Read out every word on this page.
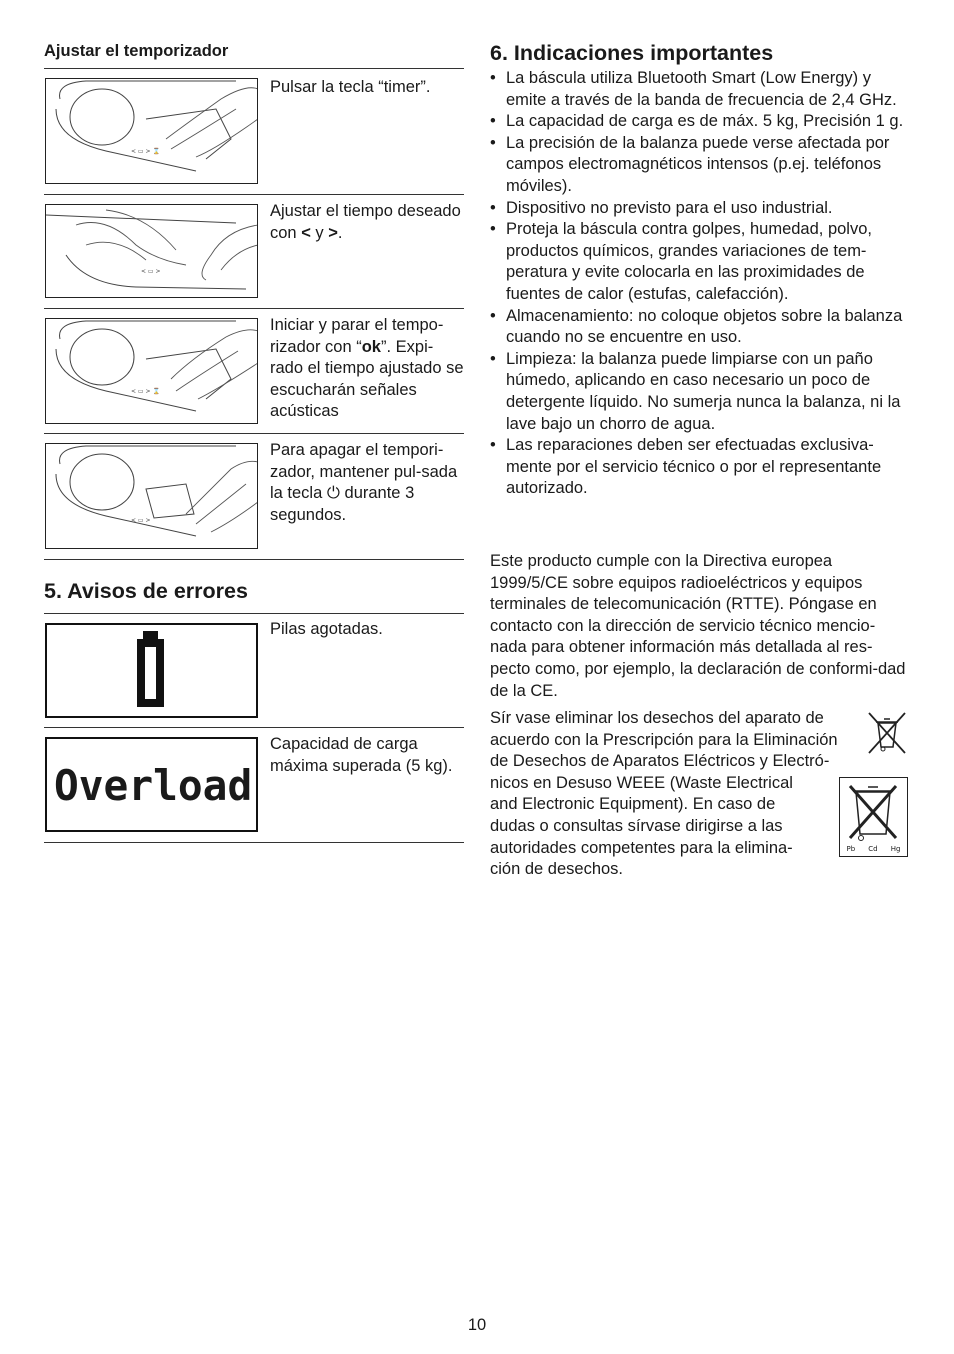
Ajustar el temporizador
< ▭ > ⌛
Pulsar la tecla “timer”.
< ▭ >
Ajustar el tiempo deseado con < y >.
< ▭ > ⌛
Iniciar y parar el tempo-rizador con “ok”. Expi-rado el tiempo ajustado se escucharán señales acústicas
< ▭ >
Para apagar el tempori-zador, mantener pul-sada la tecla ⏻ durante 3 segundos.
5. Avisos de errores
Pilas agotadas.
Overload
Capacidad de carga máxima superada (5 kg).
6. Indicaciones importantes
• La báscula utiliza Bluetooth Smart (Low Energy) y emite a través de la banda de frecuencia de 2,4 GHz.
• La capacidad de carga es de máx. 5 kg, Precisión 1 g.
• La precisión de la balanza puede verse afectada por campos electromagnéticos intensos (p.ej. teléfonos móviles).
• Dispositivo no previsto para el uso industrial.
• Proteja la báscula contra golpes, humedad, polvo, productos químicos, grandes variaciones de tem-peratura y evite colocarla en las proximidades de fuentes de calor (estufas, calefacción).
• Almacenamiento: no coloque objetos sobre la balanza cuando no se encuentre en uso.
• Limpieza: la balanza puede limpiarse con un paño húmedo, aplicando en caso necesario un poco de detergente líquido. No sumerja nunca la balanza, ni la lave bajo un chorro de agua.
• Las reparaciones deben ser efectuadas exclusiva-mente por el servicio técnico o por el representante autorizado.
Este producto cumple con la Directiva europea 1999/5/CE sobre equipos radioeléctricos y equipos terminales de telecomunicación (RTTE). Póngase en contacto con la dirección de servicio técnico mencio-nada para obtener información más detallada al res-pecto como, por ejemplo, la declaración de conformi-dad de la CE.
Sír vase eliminar los desechos del aparato de
acuerdo con la Prescripción para la Eliminación
de Desechos de Aparatos Eléctricos y Electró-
nicos en Desuso WEEE (Waste Electrical
and Electronic Equipment). En caso de
dudas o consultas sírvase dirigirse a las
autoridades competentes para la elimina-
ción de desechos.
Pb Cd Hg
10
